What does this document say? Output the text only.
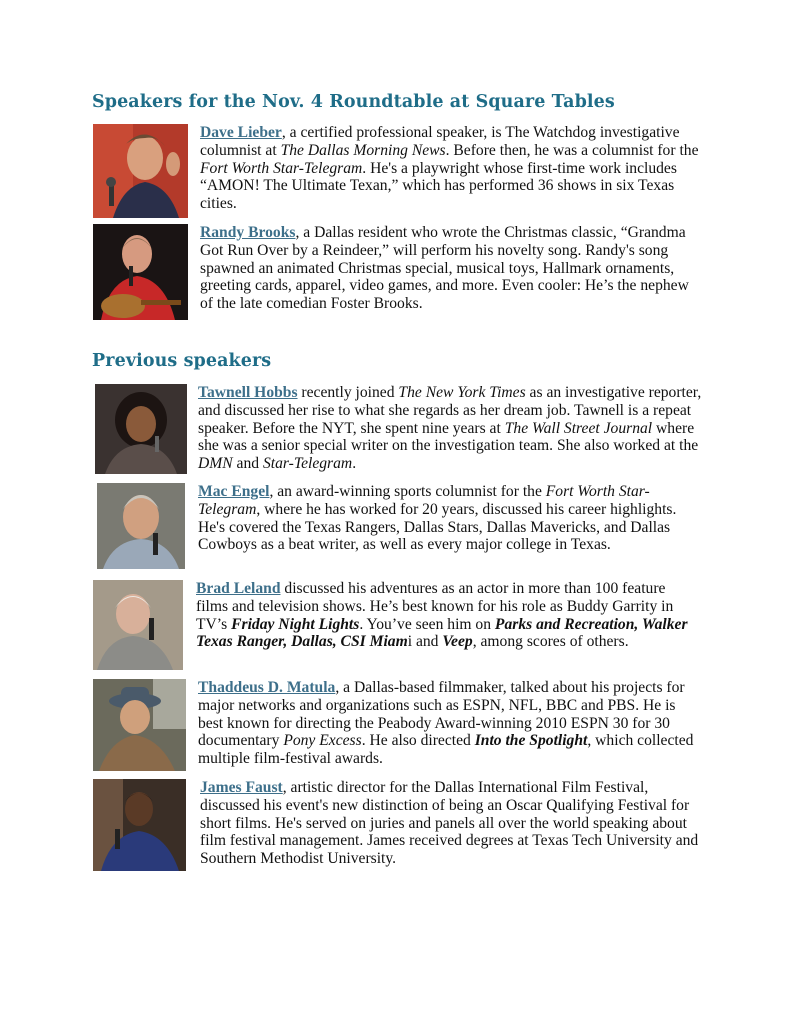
Speakers for the Nov. 4 Roundtable at Square Tables
Dave Lieber, a certified professional speaker, is The Watchdog investigative columnist at The Dallas Morning News. Before then, he was a columnist for the Fort Worth Star-Telegram. He's a playwright whose first-time work includes “AMON! The Ultimate Texan,” which has performed 36 shows in six Texas cities.
Randy Brooks, a Dallas resident who wrote the Christmas classic, “Grandma Got Run Over by a Reindeer,” will perform his novelty song. Randy's song spawned an animated Christmas special, musical toys, Hallmark ornaments, greeting cards, apparel, video games, and more. Even cooler: He’s the nephew of the late comedian Foster Brooks.
Previous speakers
Tawnell Hobbs recently joined The New York Times as an investigative reporter, and discussed her rise to what she regards as her dream job. Tawnell is a repeat speaker. Before the NYT, she spent nine years at The Wall Street Journal where she was a senior special writer on the investigation team. She also worked at the DMN and Star-Telegram.
Mac Engel, an award-winning sports columnist for the Fort Worth Star-Telegram, where he has worked for 20 years, discussed his career highlights. He's covered the Texas Rangers, Dallas Stars, Dallas Mavericks, and Dallas Cowboys as a beat writer, as well as every major college in Texas.
Brad Leland discussed his adventures as an actor in more than 100 feature films and television shows. He’s best known for his role as Buddy Garrity in TV’s Friday Night Lights. You’ve seen him on Parks and Recreation, Walker Texas Ranger, Dallas, CSI Miami and Veep, among scores of others.
Thaddeus D. Matula, a Dallas-based filmmaker, talked about his projects for major networks and organizations such as ESPN, NFL, BBC and PBS. He is best known for directing the Peabody Award-winning 2010 ESPN 30 for 30 documentary Pony Excess. He also directed Into the Spotlight, which collected multiple film-festival awards.
James Faust, artistic director for the Dallas International Film Festival, discussed his event's new distinction of being an Oscar Qualifying Festival for short films. He's served on juries and panels all over the world speaking about film festival management. James received degrees at Texas Tech University and Southern Methodist University.
